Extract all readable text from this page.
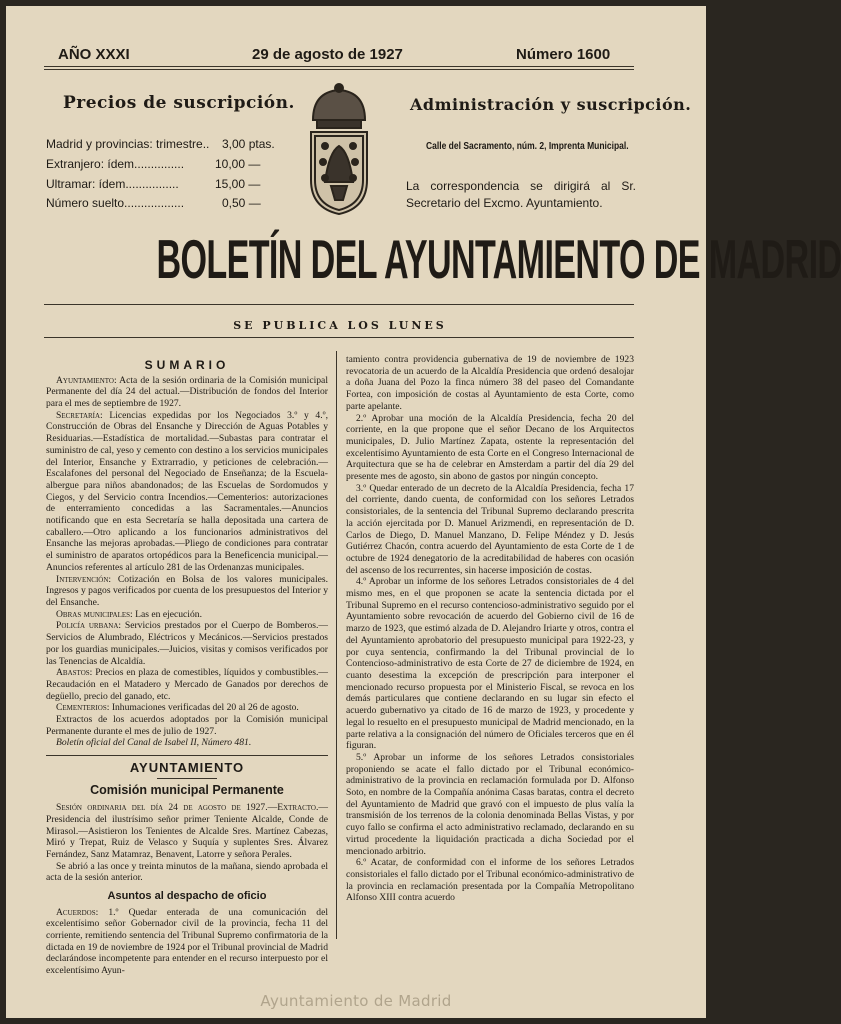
AÑO XXXI	29 de agosto de 1927	Número 1600
Precios de suscripción.
Madrid y provincias: trimestre.. 3,00 ptas.
Extranjero: ídem...............	10,00 —
Ultramar: ídem................	15,00 —
Número suelto..................	0,50 —
Administración y suscripción.
Calle del Sacramento, núm. 2, Imprenta Municipal.
La correspondencia se dirigirá al Sr. Secretario del Excmo. Ayuntamiento.
BOLETÍN DEL AYUNTAMIENTO DE MADRID
SE PUBLICA LOS LUNES

SUMARIO

Ayuntamiento: Acta de la sesión ordinaria de la Comisión municipal Permanente del día 24 del actual.—Distribución de fondos del Interior para el mes de septiembre de 1927.

Secretaría: Licencias expedidas por los Negociados 3.º y 4.º, Construcción de Obras del Ensanche y Dirección de Aguas Potables y Residuarias.—Estadística de mortalidad.—Subastas para contratar el suministro de cal, yeso y cemento con destino a los servicios municipales del Interior, Ensanche y Extrarradio, y peticiones de celebración.—Escalafones del personal del Negociado de Enseñanza; de la Escuela-albergue para niños abandonados; de las Escuelas de Sordomudos y Ciegos, y del Servicio contra Incendios.—Cementerios: autorizaciones de enterramiento concedidas a las Sacramentales.—Anuncios notificando que en esta Secretaría se halla depositada una cartera de caballero.—Otro aplicando a los funcionarios administrativos del Ensanche las mejoras aprobadas.—Pliego de condiciones para contratar el suministro de aparatos ortopédicos para la Beneficencia municipal.—Anuncios referentes al artículo 281 de las Ordenanzas municipales.

Intervención: Cotización en Bolsa de los valores municipales. Ingresos y pagos verificados por cuenta de los presupuestos del Interior y del Ensanche.

Obras municipales: Las en ejecución.

Policía urbana: Servicios prestados por el Cuerpo de Bomberos.—Servicios de Alumbrado, Eléctricos y Mecánicos.—Servicios prestados por los guardias municipales.—Juicios, visitas y comisos verificados por las Tenencias de Alcaldía.

Abastos: Precios en plaza de comestibles, líquidos y combustibles.—Recaudación en el Matadero y Mercado de Ganados por derechos de degüello, precio del ganado, etc.

Cementerios: Inhumaciones verificadas del 20 al 26 de agosto.

Extractos de los acuerdos adoptados por la Comisión municipal Permanente durante el mes de julio de 1927.

Boletín oficial del Canal de Isabel II, Número 481.

AYUNTAMIENTO

Comisión municipal Permanente

Sesión ordinaria del día 24 de agosto de 1927.—Extracto.—Presidencia del ilustrísimo señor primer Teniente Alcalde, Conde de Mirasol.—Asistieron los Tenientes de Alcalde Sres. Martínez Cabezas, Miró y Trepat, Ruiz de Velasco y Suquía y suplentes Sres. Álvarez Fernández, Sanz Matamraz, Benavent, Latorre y señora Perales.

Se abrió a las once y treinta minutos de la mañana, siendo aprobada el acta de la sesión anterior.

Asuntos al despacho de oficio

Acuerdos: 1.º Quedar enterada de una comunicación del excelentísimo señor Gobernador civil de la provincia, fecha 11 del corriente, remitiendo sentencia del Tribunal Supremo confirmatoria de la dictada en 19 de noviembre de 1924 por el Tribunal provincial de Madrid declarándose incompetente para entender en el recurso interpuesto por el excelentísimo Ayun-

tamiento contra providencia gubernativa de 19 de noviembre de 1923 revocatoria de un acuerdo de la Alcaldía Presidencia que ordenó desalojar a doña Juana del Pozo la finca número 38 del paseo del Comandante Fortea, con imposición de costas al Ayuntamiento de esta Corte, como parte apelante.

2.º Aprobar una moción de la Alcaldía Presidencia, fecha 20 del corriente, en la que propone que el señor Decano de los Arquitectos municipales, D. Julio Martínez Zapata, ostente la representación del excelentísimo Ayuntamiento de esta Corte en el Congreso Internacional de Arquitectura que se ha de celebrar en Amsterdam a partir del día 29 del presente mes de agosto, sin abono de gastos por ningún concepto.

3.º Quedar enterado de un decreto de la Alcaldía Presidencia, fecha 17 del corriente, dando cuenta, de conformidad con los señores Letrados consistoriales, de la sentencia del Tribunal Supremo declarando prescrita la acción ejercitada por D. Manuel Arizmendi, en representación de D. Carlos de Diego, D. Manuel Manzano, D. Felipe Méndez y D. Jesús Gutiérrez Chacón, contra acuerdo del Ayuntamiento de esta Corte de 1 de octubre de 1924 denegatorio de la acreditabilidad de haberes con ocasión del ascenso de los recurrentes, sin hacerse imposición de costas.

4.º Aprobar un informe de los señores Letrados consistoriales de 4 del mismo mes, en el que proponen se acate la sentencia dictada por el Tribunal Supremo en el recurso contencioso-administrativo seguido por el Ayuntamiento sobre revocación de acuerdo del Gobierno civil de 16 de marzo de 1923, que estimó alzada de D. Alejandro Iriarte y otros, contra el del Ayuntamiento aprobatorio del presupuesto municipal para 1922-23, y por cuya sentencia, confirmando la del Tribunal provincial de lo Contencioso-administrativo de esta Corte de 27 de diciembre de 1924, en cuanto desestima la excepción de prescripción para interponer el mencionado recurso propuesta por el Ministerio Fiscal, se revoca en los demás particulares que contiene declarando en su lugar sin efecto el acuerdo gubernativo ya citado de 16 de marzo de 1923, y procedente y legal lo resuelto en el presupuesto municipal de Madrid mencionado, en la parte relativa a la consignación del número de Oficiales terceros que en él figuran.

5.º Aprobar un informe de los señores Letrados consistoriales proponiendo se acate el fallo dictado por el Tribunal económico-administrativo de la provincia en reclamación formulada por D. Alfonso Soto, en nombre de la Compañía anónima Casas baratas, contra el decreto del Ayuntamiento de Madrid que gravó con el impuesto de plus valía la transmisión de los terrenos de la colonia denominada Bellas Vistas, y por cuyo fallo se confirma el acto administrativo reclamado, declarando en su virtud procedente la liquidación practicada a dicha Sociedad por el mencionado arbitrio.

6.º Acatar, de conformidad con el informe de los señores Letrados consistoriales el fallo dictado por el Tribunal económico-administrativo de la provincia en reclamación presentada por la Compañía Metropolitano Alfonso XIII contra acuerdo

Ayuntamiento de Madrid
